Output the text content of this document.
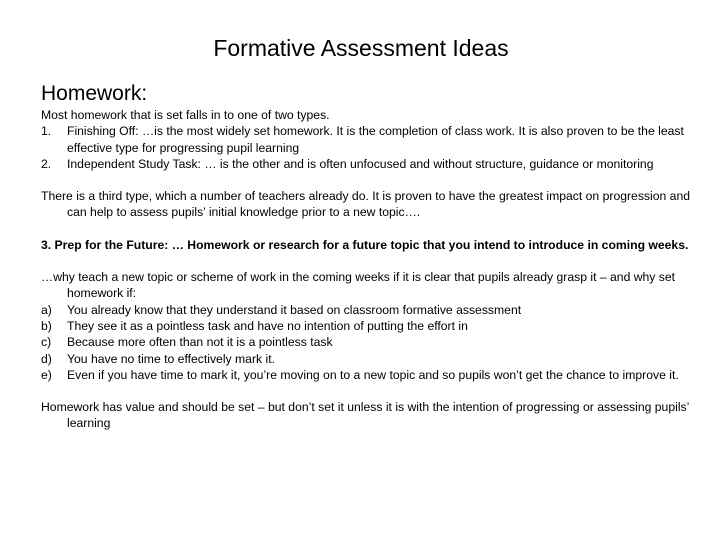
Formative Assessment Ideas
Homework:

Most homework that is set falls in to one of two types.

1.	Finishing Off: …is the most widely set homework. It is the completion of class work. It is also proven to be the least effective type for progressing pupil learning
2.	Independent Study Task: … is the other and is often unfocused and without structure, guidance or monitoring

There is a third type, which a number of teachers already do. It is proven to have the greatest impact on progression and can help to assess pupils’ initial knowledge prior to a new topic….

3. Prep for the Future: … Homework or research for a future topic that you intend to introduce in coming weeks.

…why teach a new topic or scheme of work in the coming weeks if it is clear that pupils already grasp it – and why set homework if:

a)	You already know that they understand it based on classroom formative assessment
b)	They see it as a pointless task and have no intention of putting the effort in
c)	Because more often than not it is a pointless task
d)	You have no time to effectively mark it.
e)	Even if you have time to mark it, you’re moving on to a new topic and so pupils won’t get the chance to improve it.

Homework has value and should be set – but don’t set it unless it is with the intention of progressing or assessing pupils’ learning
